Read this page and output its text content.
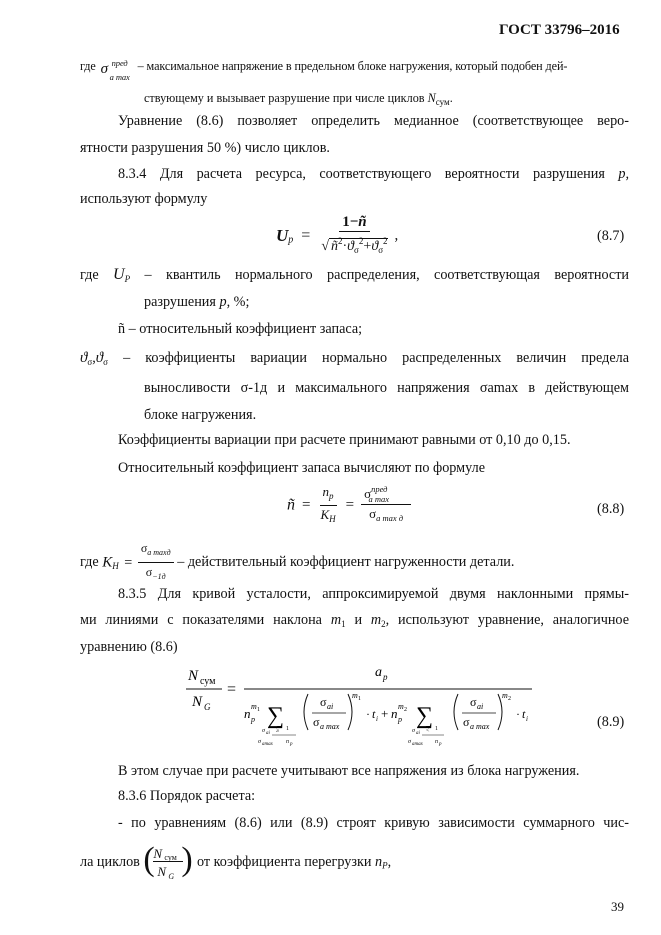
ГОСТ 33796–2016
где σ пред
a max
– максимальное напряжение в предельном блоке нагружения, который подобен дей-
ствующему и вызывает разрушение при числе циклов $N_{сум}$.
Уравнение (8.6) позволяет определить медианное (соответствующее веро-
ятности разрушения 50 %) число циклов.
8.3.4 Для расчета ресурса, соответствующего вероятности разрушения p,
используют формулу
$U_p = \frac{1-ñ}{√ ñ^2\cdot ϑ_\sigma^2+ϑ_\sigma^2}$ ,	(8.7)
где $U_P$ – квантиль нормального распределения, соответствующая вероятности
разрушения p, %;
ñ – относительный коэффициент запаса;
$ϑ_\sigma,ϑ_\sigma$ – коэффициенты вариации нормально распределенных величин предела
выносливости σ-1д и максимального напряжения σamax в действующем
блоке нагружения.
Коэффициенты вариации при расчете принимают равными от 0,10 до 0,15.
Относительный коэффициент запаса вычисляют по формуле
ñ = $\frac{n_p}{K_H} = \frac{\sigma^{пред}_{a max}}{\sigma_{a max д}}$	(8.8)
где $K_H = \frac{\sigma_{a maxд}}{\sigma_{-1д}}$ – действительный коэффициент нагруженности детали.
8.3.5 Для кривой усталости, аппроксимируемой двумя наклонными прямы-
ми линиями с показателями наклона $m_1$ и $m_2$, используют уравнение, аналогичное
уравнению (8.6)
N сум
N G
=
a p
n p
m 1 ∑
σ ai ≥ 1
σ amax n p
σ ai
σ a max
m 1
· t i + n p
m 2 ∑
σ ai < 1
σ amax n p
σ ai
σ a max
m 2
· t i	(8.9)
В этом случае при расчете учитывают все напряжения из блока нагружения.
8.3.6 Порядок расчета:
- по уравнениям (8.6) или (8.9) строят кривую зависимости суммарного чис-
ла циклов (
N сум
N G ) от коэффициента перегрузки $n_P$,
39
